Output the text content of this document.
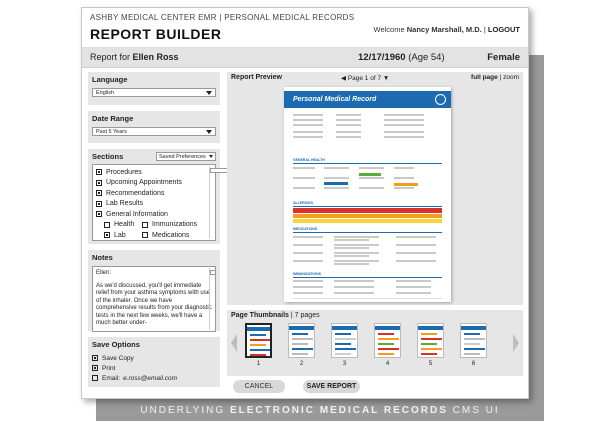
UNDERLYING ELECTRONIC MEDICAL RECORDS CMS UI
ASHBY MEDICAL CENTER EMR | PERSONAL MEDICAL RECORDS
REPORT BUILDER	Welcome Nancy Marshall, M.D. | LOGOUT
Report for Ellen Ross	12/17/1960 (Age 54)	Female
Language
English
Date Range
Past 5 Years
Sections	Saved Preferences
Procedures
Upcoming Appointments
Recommendations
Lab Results
General Information
Health	Immunizations
Lab	Medications
Notes

Ellen:

As we'd discussed, you'll get immediate relief from your asthma symptoms with use of the inhaler. Once we have comprehensive results from your diagnostic tests in the next few weeks, we'll have a much better under-

Save Options
Save Copy
Print
Email: e.ross@email.com
Report Preview	◀ Page 1 of 7 ▼	full page | zoom
Personal Medical Record
GENERAL HEALTH
ALLERGIES
MEDICATIONS
IMMUNIZATIONS
Page Thumbnails | 7 pages
1	2	3	4	5	6
CANCEL	SAVE REPORT
